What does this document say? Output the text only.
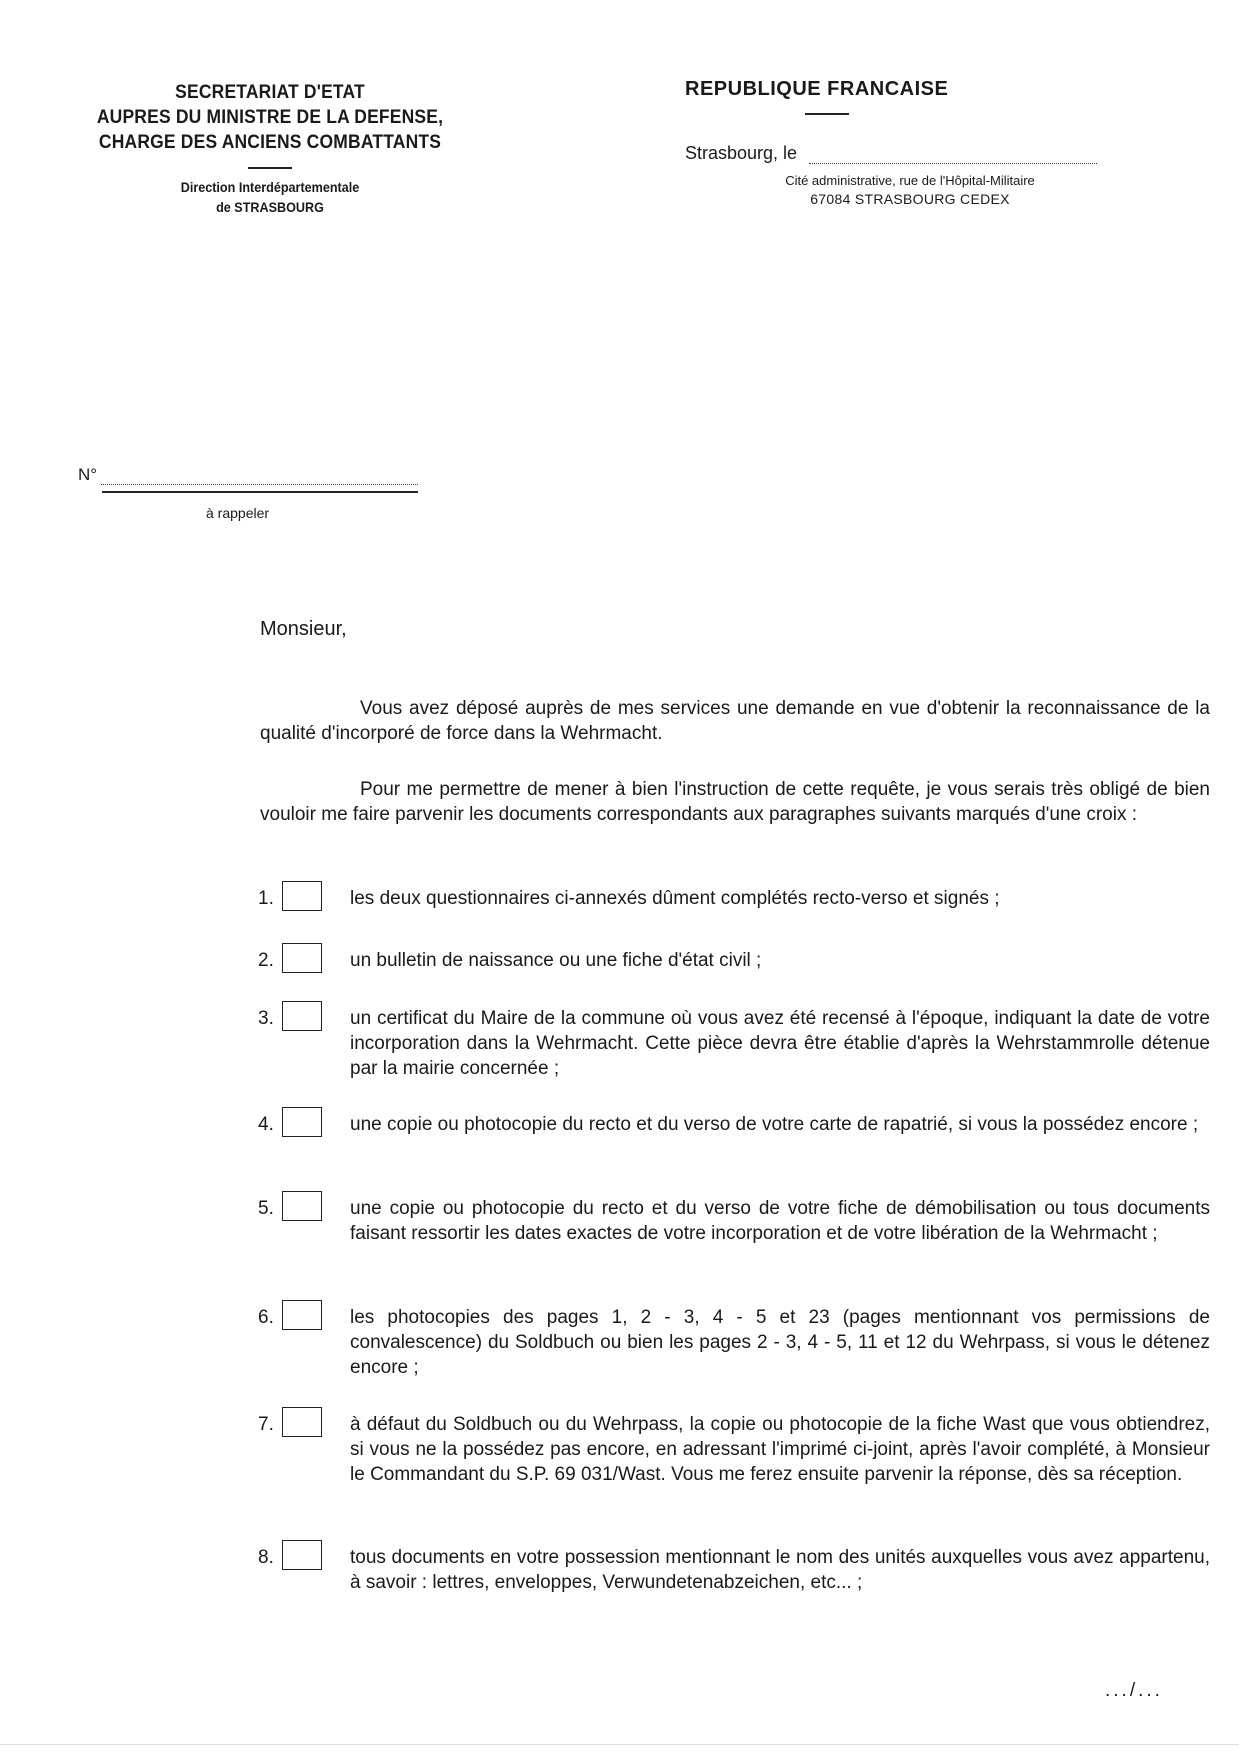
SECRETARIAT D'ETAT
AUPRES DU MINISTRE DE LA DEFENSE,
CHARGE DES ANCIENS COMBATTANTS
Direction Interdépartementale
de STRASBOURG
REPUBLIQUE FRANCAISE
Strasbourg, le
Cité administrative, rue de l'Hôpital-Militaire
67084 STRASBOURG CEDEX
N°
à rappeler
Monsieur,
Vous avez déposé auprès de mes services une demande en vue d'obtenir la reconnaissance de la qualité d'incorporé de force dans la Wehrmacht.
Pour me permettre de mener à bien l'instruction de cette requête, je vous serais très obligé de bien vouloir me faire parvenir les documents correspondants aux paragraphes suivants marqués d'une croix :
1.	les deux questionnaires ci-annexés dûment complétés recto-verso et signés ;
2.	un bulletin de naissance ou une fiche d'état civil ;
3.	un certificat du Maire de la commune où vous avez été recensé à l'époque, indiquant la date de votre incorporation dans la Wehrmacht. Cette pièce devra être établie d'après la Wehrstammrolle détenue par la mairie concernée ;
4.	une copie ou photocopie du recto et du verso de votre carte de rapatrié, si vous la possédez encore ;
5.	une copie ou photocopie du recto et du verso de votre fiche de démobilisation ou tous documents faisant ressortir les dates exactes de votre incorporation et de votre libération de la Wehrmacht ;
6.	les photocopies des pages 1, 2 - 3, 4 - 5 et 23 (pages mentionnant vos permissions de convalescence) du Soldbuch ou bien les pages 2 - 3, 4 - 5, 11 et 12 du Wehrpass, si vous le détenez encore ;
7.	à défaut du Soldbuch ou du Wehrpass, la copie ou photocopie de la fiche Wast que vous obtiendrez, si vous ne la possédez pas encore, en adressant l'imprimé ci-joint, après l'avoir complété, à Monsieur le Commandant du S.P. 69 031/Wast. Vous me ferez ensuite parvenir la réponse, dès sa réception.
8.	tous documents en votre possession mentionnant le nom des unités auxquelles vous avez appartenu, à savoir : lettres, enveloppes, Verwundetenabzeichen, etc... ;
.../...
